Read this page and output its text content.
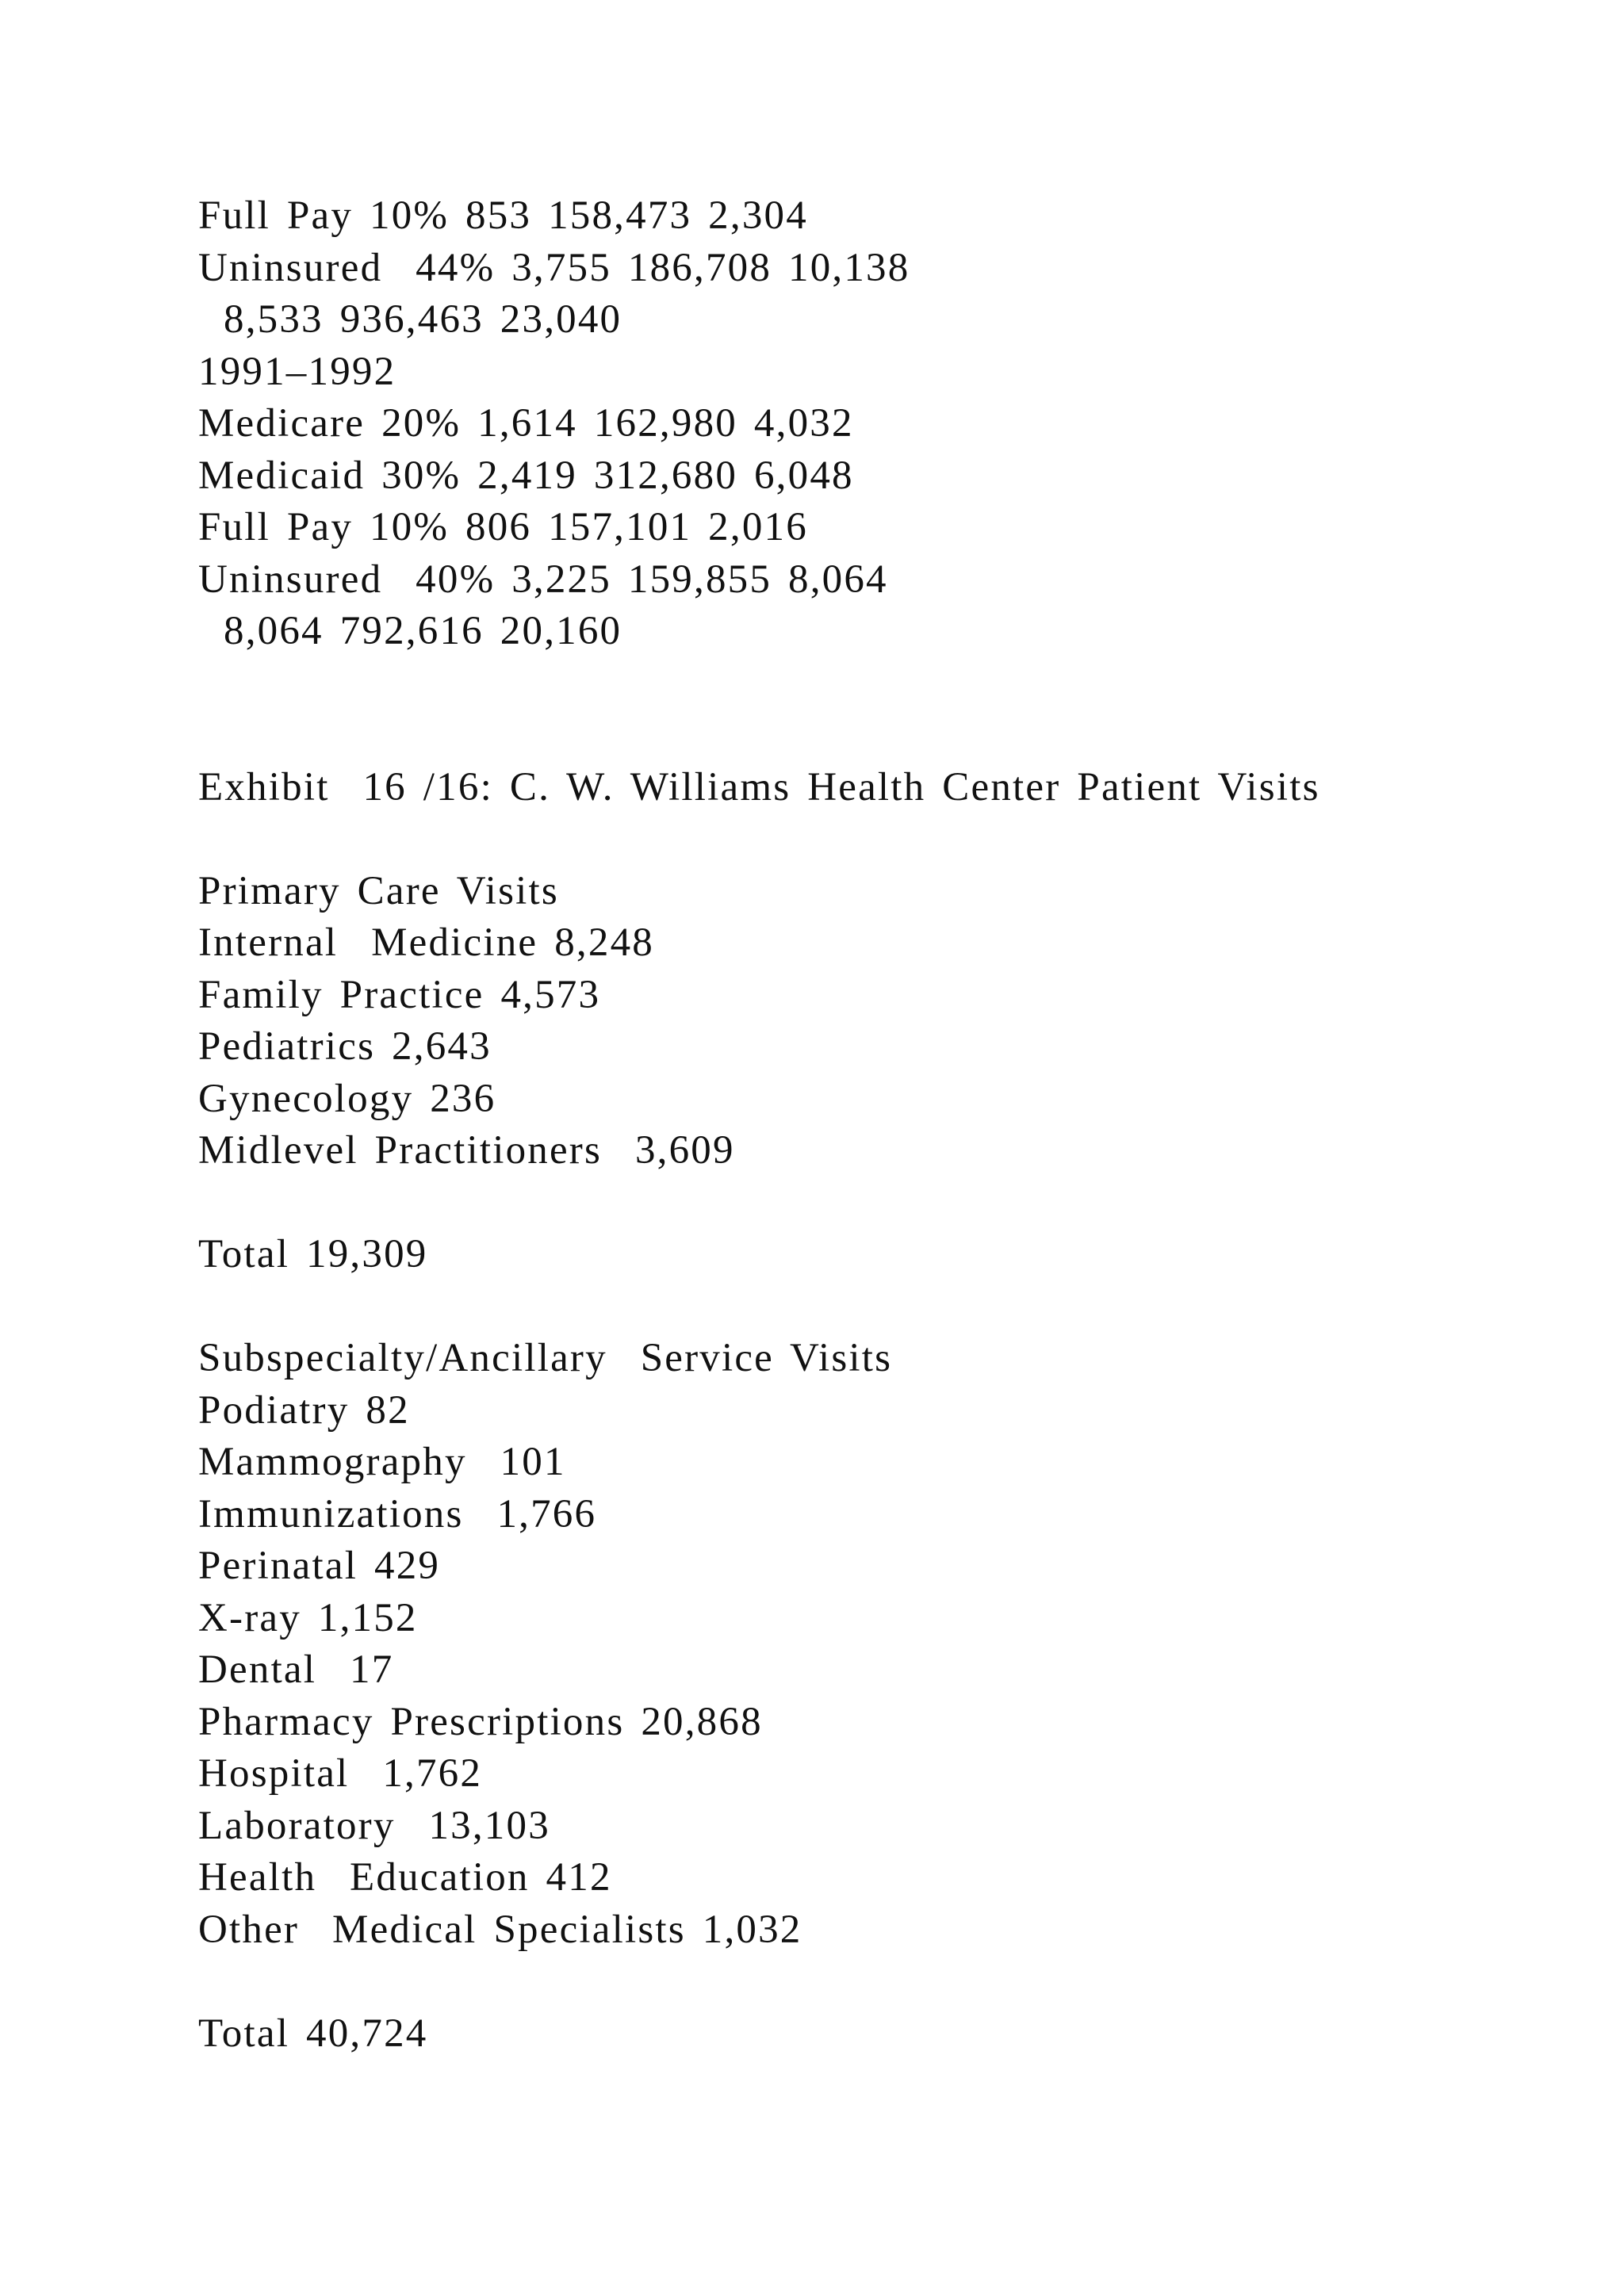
Full Pay 10% 853 158,473 2,304
Uninsured  44% 3,755 186,708 10,138
8,533 936,463 23,040
1991–1992
Medicare 20% 1,614 162,980 4,032
Medicaid 30% 2,419 312,680 6,048
Full Pay 10% 806 157,101 2,016
Uninsured  40% 3,225 159,855 8,064
8,064 792,616 20,160
Exhibit  16 /16: C. W. Williams Health Center Patient Visits
Primary Care Visits
Internal  Medicine 8,248
Family Practice 4,573
Pediatrics 2,643
Gynecology 236
Midlevel Practitioners  3,609
Total 19,309
Subspecialty/Ancillary  Service Visits
Podiatry 82
Mammography  101
Immunizations  1,766
Perinatal 429
X-ray 1,152
Dental  17
Pharmacy Prescriptions 20,868
Hospital  1,762
Laboratory  13,103
Health  Education 412
Other  Medical Specialists 1,032
Total 40,724
